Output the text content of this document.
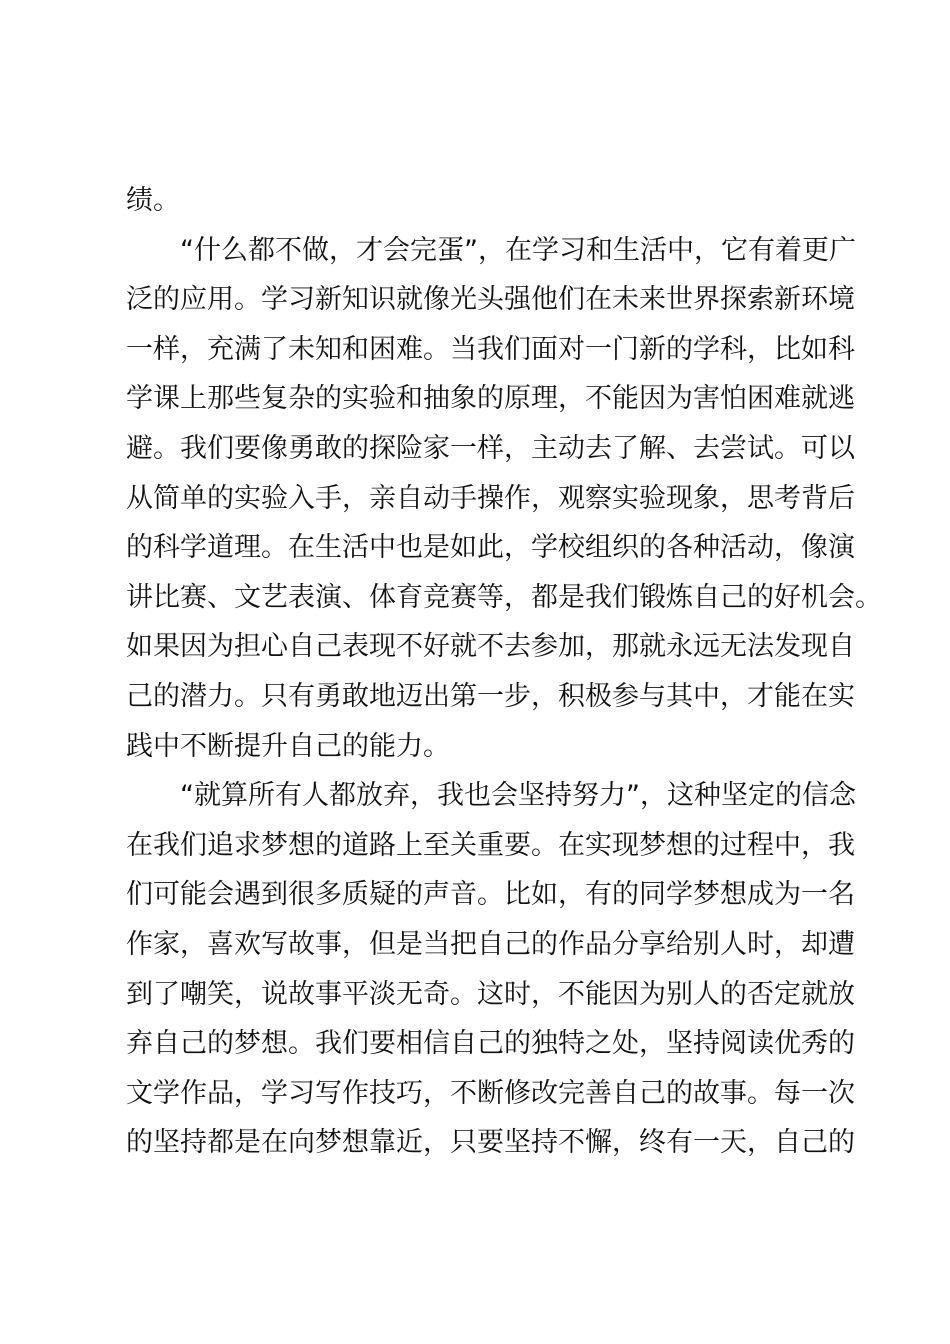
绩。
　　“什么都不做，才会完蛋”，在学习和生活中，它有着更广
泛的应用。学习新知识就像光头强他们在未来世界探索新环境
一样，充满了未知和困难。当我们面对一门新的学科，比如科
学课上那些复杂的实验和抽象的原理，不能因为害怕困难就逃
避。我们要像勇敢的探险家一样，主动去了解、去尝试。可以
从简单的实验入手，亲自动手操作，观察实验现象，思考背后
的科学道理。在生活中也是如此，学校组织的各种活动，像演
讲比赛、文艺表演、体育竞赛等，都是我们锻炼自己的好机会。
如果因为担心自己表现不好就不去参加，那就永远无法发现自
己的潜力。只有勇敢地迈出第一步，积极参与其中，才能在实
践中不断提升自己的能力。
　　“就算所有人都放弃，我也会坚持努力”，这种坚定的信念
在我们追求梦想的道路上至关重要。在实现梦想的过程中，我
们可能会遇到很多质疑的声音。比如，有的同学梦想成为一名
作家，喜欢写故事，但是当把自己的作品分享给别人时，却遭
到了嘲笑，说故事平淡无奇。这时，不能因为别人的否定就放
弃自己的梦想。我们要相信自己的独特之处，坚持阅读优秀的
文学作品，学习写作技巧，不断修改完善自己的故事。每一次
的坚持都是在向梦想靠近，只要坚持不懈，终有一天，自己的
